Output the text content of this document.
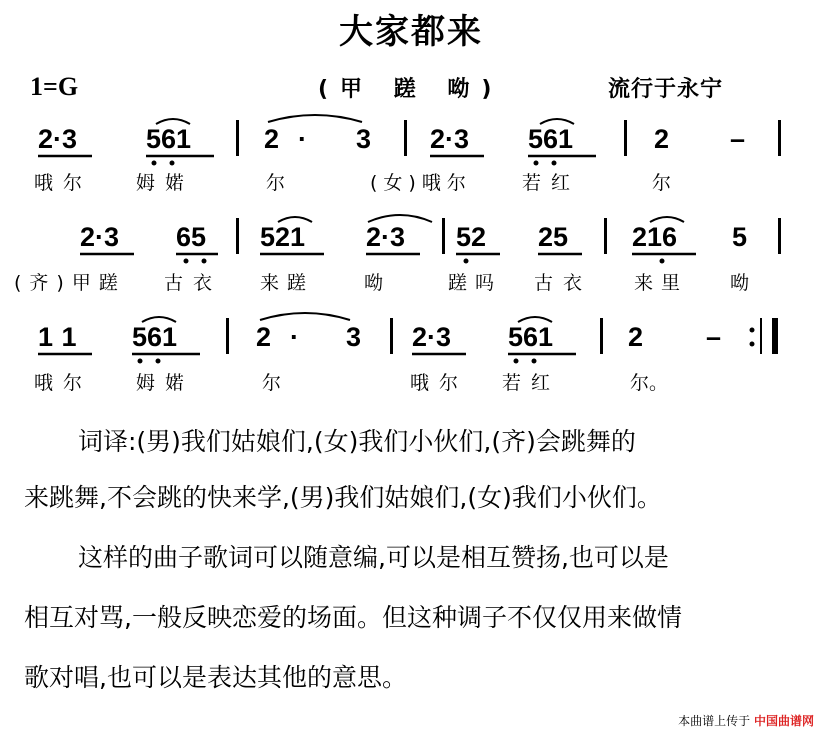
大家都来
1=G	(甲 蹉 呦)	流行于永宁
2·3	561	2 · 3 2·3 561	2 –
哦尔 姆婼	尔	(女)哦尔	若红	尔
2·3 65 521 2·3 52 25 216 5
(齐)甲蹉 古衣 来蹉	呦	蹉吗 古衣 来里 呦
11 561	2 · 3 2·3 561	2 –
哦尔 姆婼	尔	哦尔 若红	尔。
词译:(男)我们姑娘们,(女)我们小伙们,(齐)会跳舞的
来跳舞,不会跳的快来学,(男)我们姑娘们,(女)我们小伙们。
这样的曲子歌词可以随意编,可以是相互赞扬,也可以是
相互对骂,一般反映恋爱的场面。但这种调子不仅仅用来做情
歌对唱,也可以是表达其他的意思。
本曲谱上传于 中国曲谱网
